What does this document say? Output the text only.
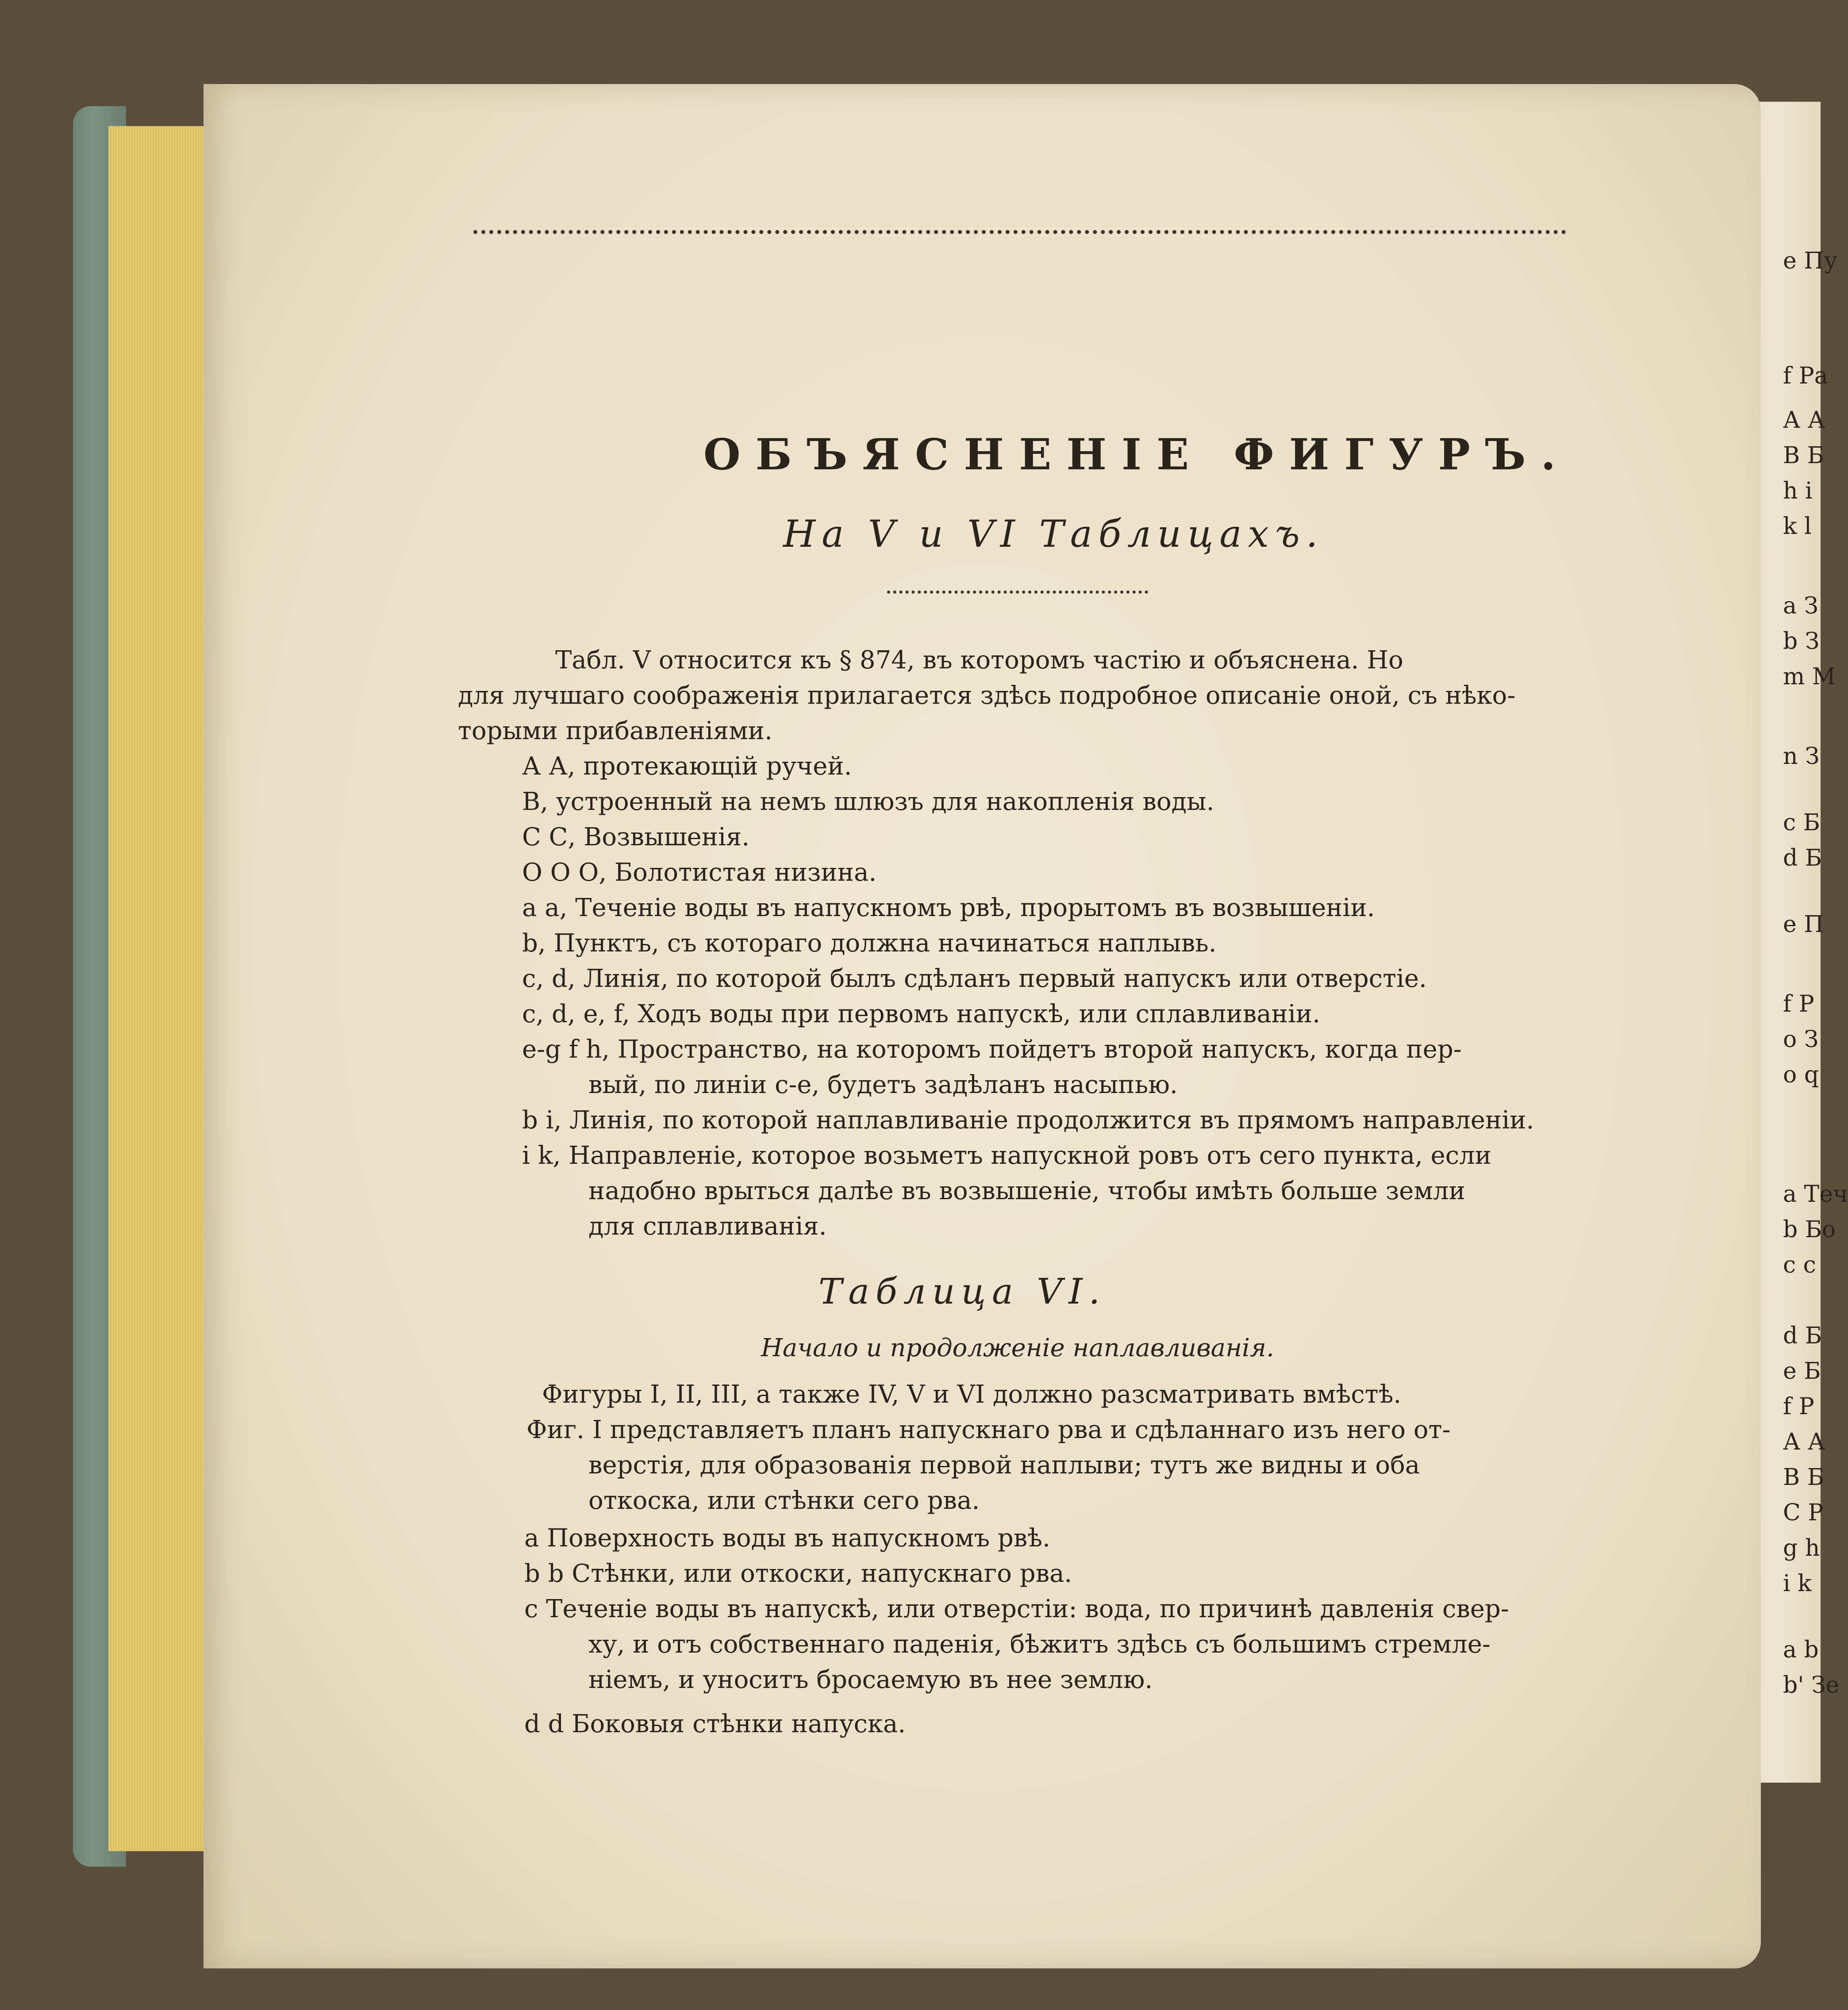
e Пу
f Ра
А А
В Б
h i
k l
a З
b З
m М
n З
c Б
d Б
e П
f Р
o З
o q
a Теч
b Бо
c c
d Б
e Б
f Р
А А
В Б
С Р
g h
i k
a b
b' Зе
ОБЪЯСНЕНІЕ ФИГУРЪ.
На V и VI Таблицахъ.
Табл. V относится къ § 874, въ которомъ частію и объяснена. Но
для лучшаго соображенія прилагается здѣсь подробное описаніе оной, съ нѣко-
торыми прибавленіями.
А А, протекающій ручей.
В, устроенный на немъ шлюзъ для накопленія воды.
С С, Возвышенія.
О О О, Болотистая низина.
a a, Теченіе воды въ напускномъ рвѣ, прорытомъ въ возвышеніи.
b, Пунктъ, съ котораго должна начинаться наплывь.
c, d, Линія, по которой былъ сдѣланъ первый напускъ или отверстіе.
c, d, e, f, Ходъ воды при первомъ напускѣ, или сплавливаніи.
e-g f h, Пространство, на которомъ пойдетъ второй напускъ, когда пер-
вый, по линіи c-e, будетъ задѣланъ насыпью.
b i, Линія, по которой наплавливаніе продолжится въ прямомъ направленіи.
i k, Направленіе, которое возьметъ напускной ровъ отъ сего пункта, если
надобно врыться далѣе въ возвышеніе, чтобы имѣть больше земли
для сплавливанія.
Таблица VI.
Начало и продолженіе наплавливанія.
Фигуры I, II, III, а также IV, V и VI должно разсматривать вмѣстѣ.
Фиг. I представляетъ планъ напускнаго рва и сдѣланнаго изъ него от-
верстія, для образованія первой наплыви; тутъ же видны и оба
откоска, или стѣнки сего рва.
a Поверхность воды въ напускномъ рвѣ.
b b Стѣнки, или откоски, напускнаго рва.
c Теченіе воды въ напускѣ, или отверстіи: вода, по причинѣ давленія свер-
ху, и отъ собственнаго паденія, бѣжитъ здѣсь съ большимъ стремле-
ніемъ, и уноситъ бросаемую въ нее землю.
d d Боковыя стѣнки напуска.
